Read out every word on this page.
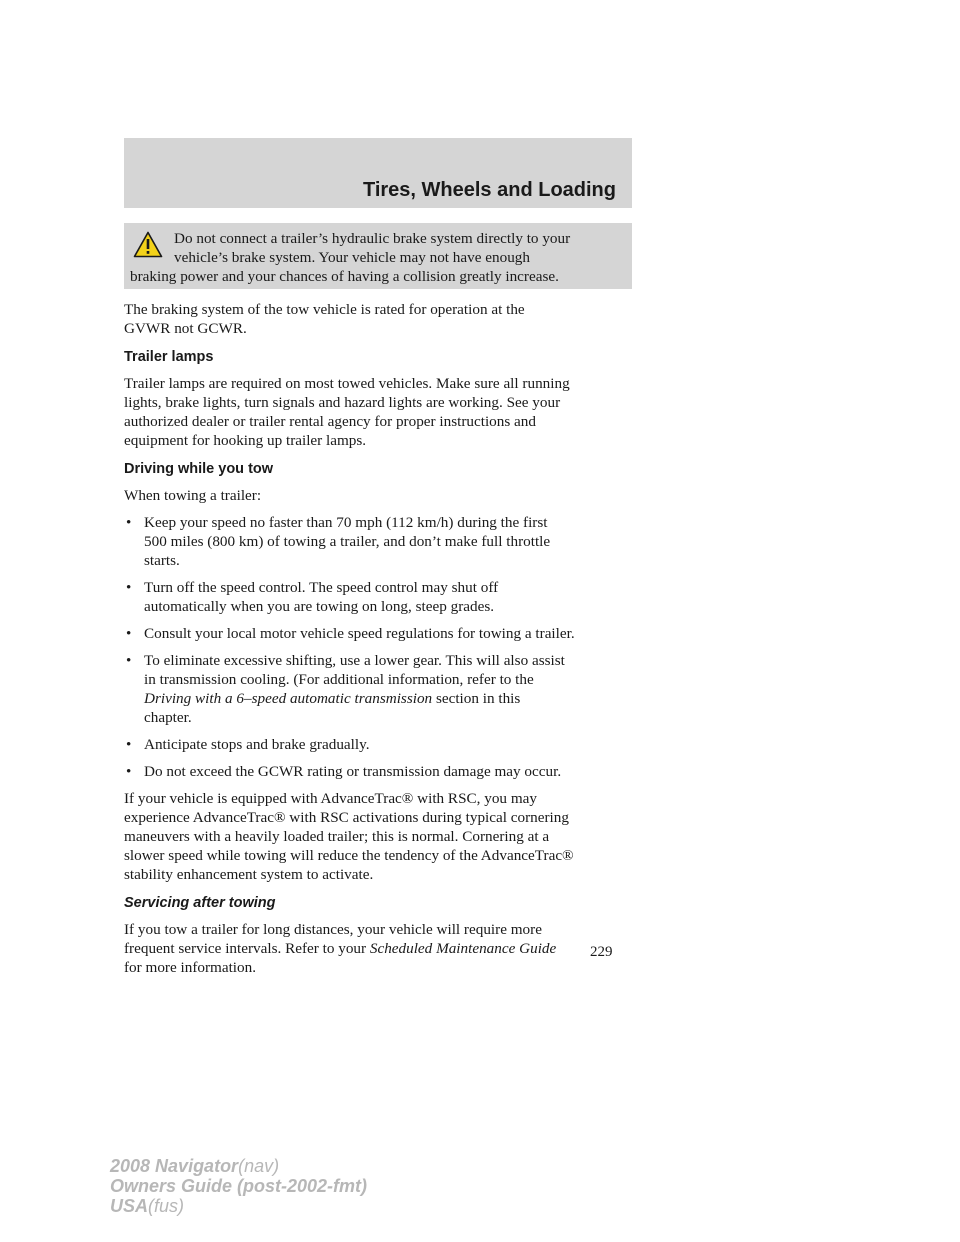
Tires, Wheels and Loading
Do not connect a trailer’s hydraulic brake system directly to your
vehicle’s brake system. Your vehicle may not have enough
braking power and your chances of having a collision greatly increase.
The braking system of the tow vehicle is rated for operation at the
GVWR not GCWR.
Trailer lamps
Trailer lamps are required on most towed vehicles. Make sure all running
lights, brake lights, turn signals and hazard lights are working. See your
authorized dealer or trailer rental agency for proper instructions and
equipment for hooking up trailer lamps.
Driving while you tow
When towing a trailer:
• Keep your speed no faster than 70 mph (112 km/h) during the first
500 miles (800 km) of towing a trailer, and don’t make full throttle
starts.
• Turn off the speed control. The speed control may shut off
automatically when you are towing on long, steep grades.
• Consult your local motor vehicle speed regulations for towing a trailer.
• To eliminate excessive shifting, use a lower gear. This will also assist
in transmission cooling. (For additional information, refer to the
Driving with a 6–speed automatic transmission section in this
chapter.
• Anticipate stops and brake gradually.
• Do not exceed the GCWR rating or transmission damage may occur.
If your vehicle is equipped with AdvanceTrac® with RSC, you may
experience AdvanceTrac® with RSC activations during typical cornering
maneuvers with a heavily loaded trailer; this is normal. Cornering at a
slower speed while towing will reduce the tendency of the AdvanceTrac®
stability enhancement system to activate.
Servicing after towing
If you tow a trailer for long distances, your vehicle will require more
frequent service intervals. Refer to your Scheduled Maintenance Guide
for more information.
229
2008 Navigator(nav)
Owners Guide (post-2002-fmt)
USA(fus)
